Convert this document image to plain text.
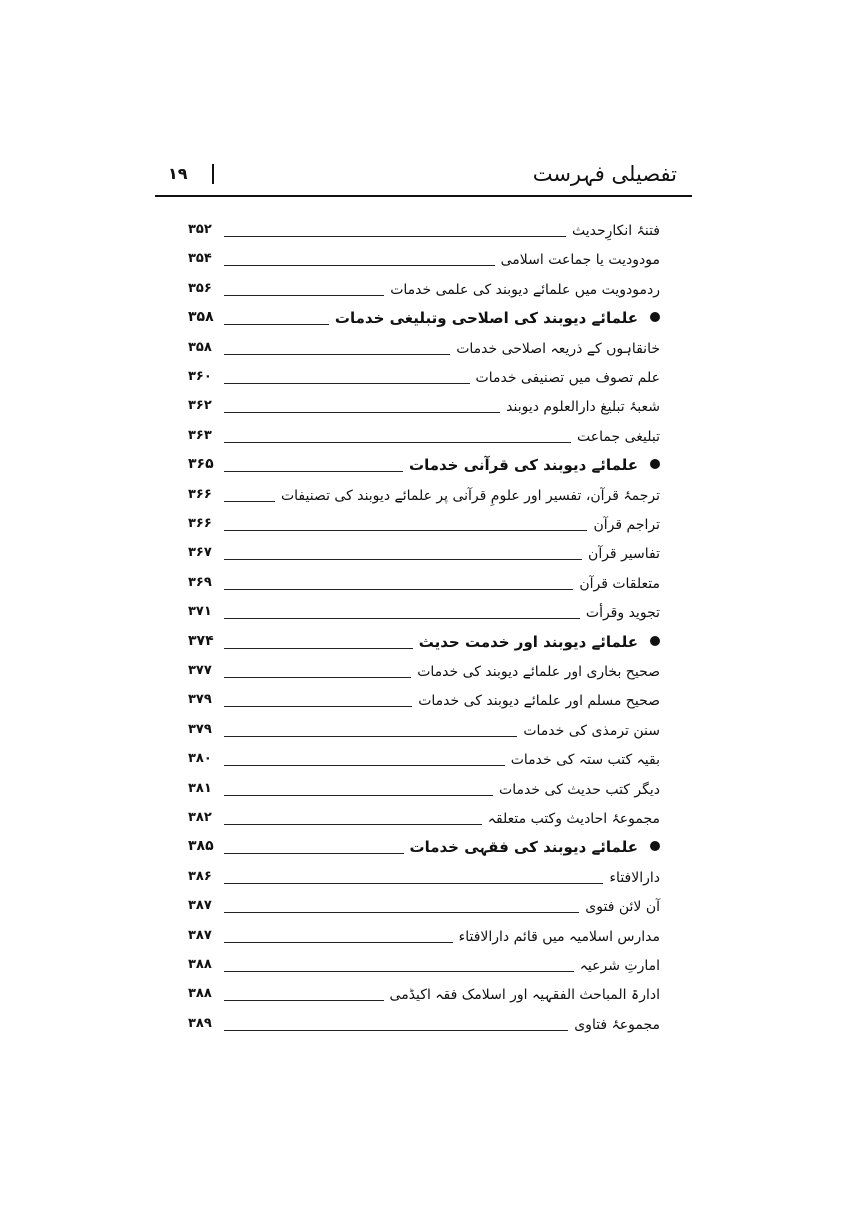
۱۹	تفصیلی فہرست
۳۵۲	فتنۂ انکارِحدیث
۳۵۴	مودودیت یا جماعت اسلامی
۳۵۶	ردمودویت میں علمائے دیوبند کی علمی خدمات
۳۵۸	علمائے دیوبند کی اصلاحی وتبلیغی خدمات
۳۵۸	خانقاہوں کے ذریعہ اصلاحی خدمات
۳۶۰	علم تصوف میں تصنیفی خدمات
۳۶۲	شعبۂ تبلیغ دارالعلوم دیوبند
۳۶۳	تبلیغی جماعت
۳۶۵	علمائے دیوبند کی قرآنی خدمات
۳۶۶	ترجمۂ قرآن، تفسیر اور علومِ قرآنی پر علمائے دیوبند کی تصنیفات
۳۶۶	تراجم قرآن
۳۶۷	تفاسیر قرآن
۳۶۹	متعلقات قرآن
۳۷۱	تجوید وقرأت
۳۷۴	علمائے دیوبند اور خدمت حدیث
۳۷۷	صحیح بخاری اور علمائے دیوبند کی خدمات
۳۷۹	صحیح مسلم اور علمائے دیوبند کی خدمات
۳۷۹	سنن ترمذی کی خدمات
۳۸۰	بقیہ کتب ستہ کی خدمات
۳۸۱	دیگر کتب حدیث کی خدمات
۳۸۲	مجموعۂ احادیث وکتب متعلقہ
۳۸۵	علمائے دیوبند کی فقہی خدمات
۳۸۶	دارالافتاء
۳۸۷	آن لائن فتوی
۳۸۷	مدارس اسلامیہ میں قائم دارالافتاء
۳۸۸	امارتِ شرعیہ
۳۸۸	ادارۃ المباحث الفقہیہ اور اسلامک فقہ اکیڈمی
۳۸۹	مجموعۂ فتاوی
